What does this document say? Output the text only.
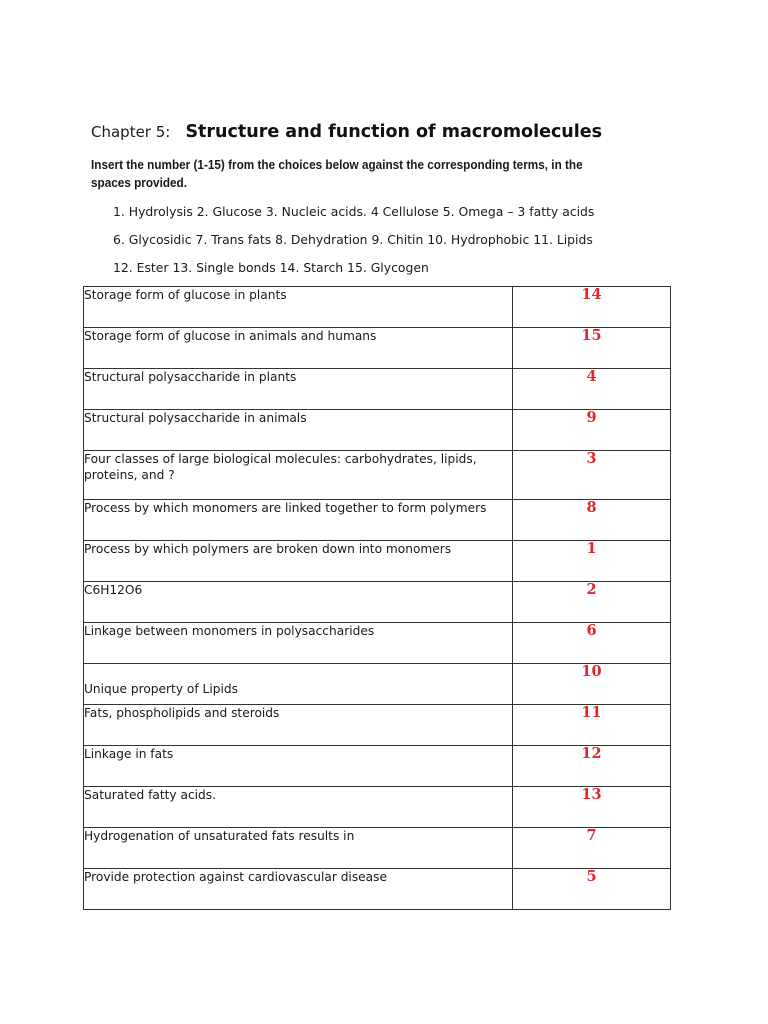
Chapter 5: Structure and function of macromolecules
Insert the number (1-15) from the choices below against the corresponding terms, in the spaces provided.
1. Hydrolysis 2. Glucose 3. Nucleic acids. 4 Cellulose 5. Omega – 3 fatty acids
6. Glycosidic 7. Trans fats 8. Dehydration 9. Chitin 10. Hydrophobic 11. Lipids
12. Ester 13. Single bonds 14. Starch 15. Glycogen
Storage form of glucose in plants	14
Storage form of glucose in animals and humans	15
Structural polysaccharide in plants	4
Structural polysaccharide in animals	9
Four classes of large biological molecules: carbohydrates, lipids, proteins, and ?	3
Process by which monomers are linked together to form polymers	8
Process by which polymers are broken down into monomers	1
C6H12O6	2
Linkage between monomers in polysaccharides	6
Unique property of Lipids	10
Fats, phospholipids and steroids	11
Linkage in fats	12
Saturated fatty acids.	13
Hydrogenation of unsaturated fats results in	7
Provide protection against cardiovascular disease	5
